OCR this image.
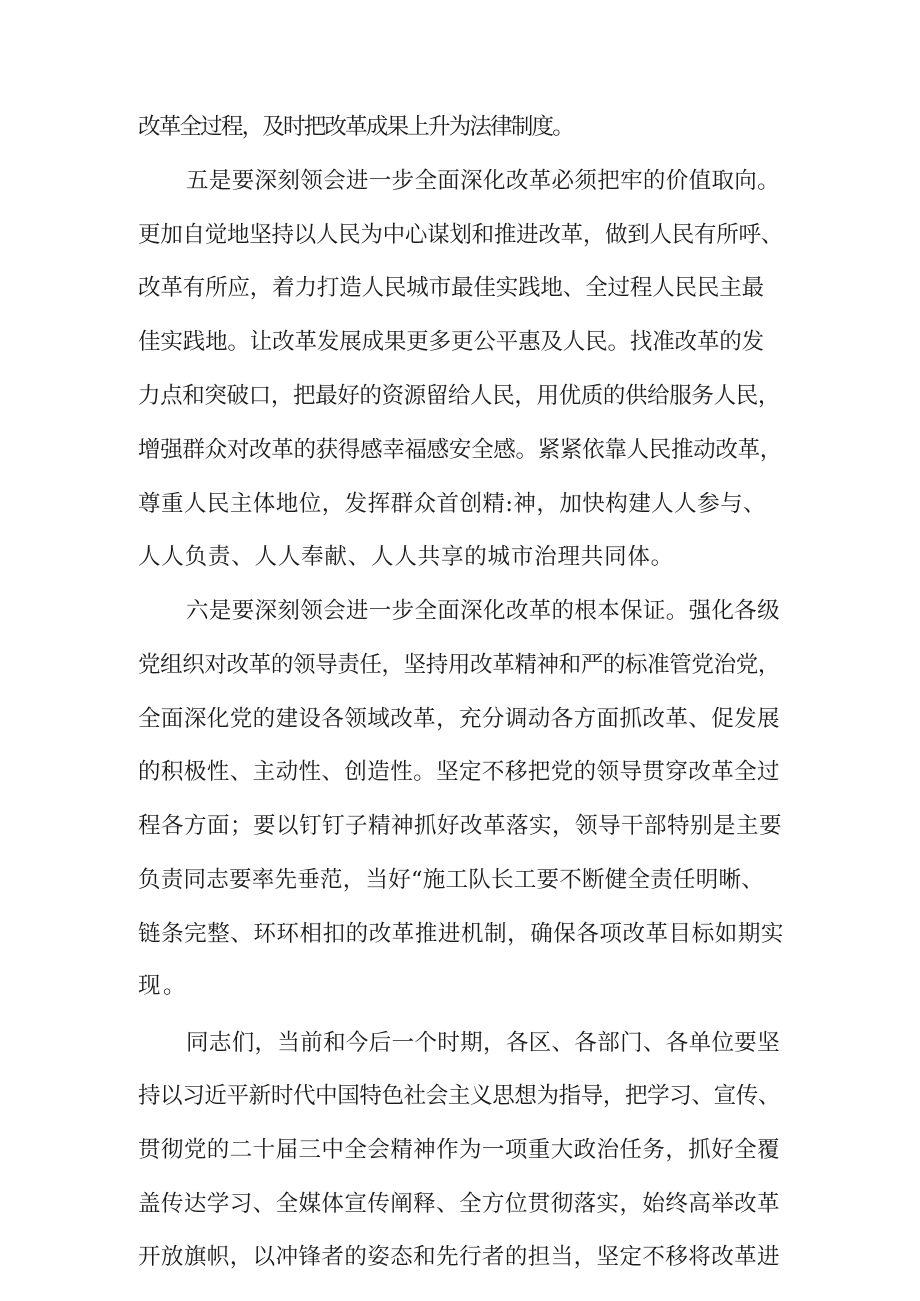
改革全过程，及时把改革成果上升为法律制度。
五是要深刻领会进一步全面深化改革必须把牢的价值取向。
更加自觉地坚持以人民为中心谋划和推进改革，做到人民有所呼、
改革有所应，着力打造人民城市最佳实践地、全过程人民民主最
佳实践地。让改革发展成果更多更公平惠及人民。找准改革的发
力点和突破口，把最好的资源留给人民，用优质的供给服务人民，
增强群众对改革的获得感幸福感安全感。紧紧依靠人民推动改革，
尊重人民主体地位，发挥群众首创精:神，加快构建人人参与、
人人负责、人人奉献、人人共享的城市治理共同体。
六是要深刻领会进一步全面深化改革的根本保证。强化各级
党组织对改革的领导责任，坚持用改革精神和严的标准管党治党，
全面深化党的建设各领域改革，充分调动各方面抓改革、促发展
的积极性、主动性、创造性。坚定不移把党的领导贯穿改革全过
程各方面；要以钉钉子精神抓好改革落实，领导干部特别是主要
负责同志要率先垂范，当好“施工队长工要不断健全责任明晰、
链条完整、环环相扣的改革推进机制，确保各项改革目标如期实
现。
同志们，当前和今后一个时期，各区、各部门、各单位要坚
持以习近平新时代中国特色社会主义思想为指导，把学习、宣传、
贯彻党的二十届三中全会精神作为一项重大政治任务，抓好全覆
盖传达学习、全媒体宣传阐释、全方位贯彻落实，始终高举改革
开放旗帜，以冲锋者的姿态和先行者的担当，坚定不移将改革进
